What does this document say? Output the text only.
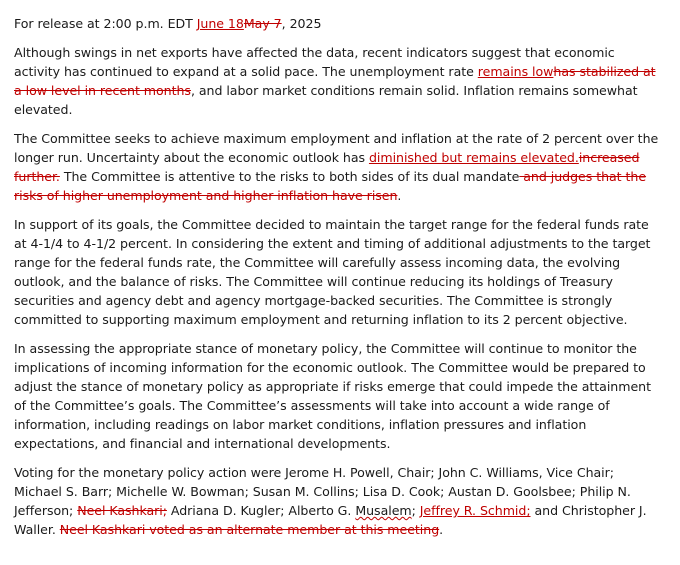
For release at 2:00 p.m. EDT June 18May 7, 2025

Although swings in net exports have affected the data, recent indicators suggest that economic activity has continued to expand at a solid pace. The unemployment rate remains lowhas stabilized at a low level in recent months, and labor market conditions remain solid. Inflation remains somewhat elevated.

The Committee seeks to achieve maximum employment and inflation at the rate of 2 percent over the longer run. Uncertainty about the economic outlook has diminished but remains elevated.increased further. The Committee is attentive to the risks to both sides of its dual mandate and judges that the risks of higher unemployment and higher inflation have risen.

In support of its goals, the Committee decided to maintain the target range for the federal funds rate at 4-1/4 to 4-1/2 percent. In considering the extent and timing of additional adjustments to the target range for the federal funds rate, the Committee will carefully assess incoming data, the evolving outlook, and the balance of risks. The Committee will continue reducing its holdings of Treasury securities and agency debt and agency mortgage-backed securities. The Committee is strongly committed to supporting maximum employment and returning inflation to its 2 percent objective.

In assessing the appropriate stance of monetary policy, the Committee will continue to monitor the implications of incoming information for the economic outlook. The Committee would be prepared to adjust the stance of monetary policy as appropriate if risks emerge that could impede the attainment of the Committee’s goals. The Committee’s assessments will take into account a wide range of information, including readings on labor market conditions, inflation pressures and inflation expectations, and financial and international developments.

Voting for the monetary policy action were Jerome H. Powell, Chair; John C. Williams, Vice Chair; Michael S. Barr; Michelle W. Bowman; Susan M. Collins; Lisa D. Cook; Austan D. Goolsbee; Philip N. Jefferson; Neel Kashkari; Adriana D. Kugler; Alberto G. Musalem; Jeffrey R. Schmid; and Christopher J. Waller. Neel Kashkari voted as an alternate member at this meeting.
